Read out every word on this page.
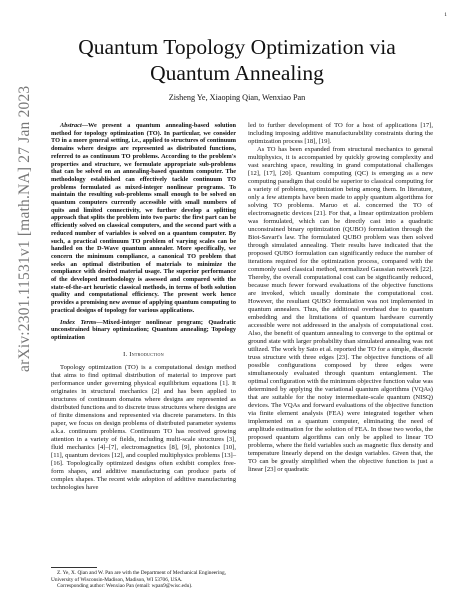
1
arXiv:2301.11531v1 [math.NA] 27 Jan 2023
Quantum Topology Optimization via Quantum Annealing

Zisheng Ye, Xiaoping Qian, Wenxiao Pan

Abstract—We present a quantum annealing-based solution method for topology optimization (TO). In particular, we consider TO in a more general setting, i.e., applied to structures of continuum domains where designs are represented as distributed functions, referred to as continuum TO problems. According to the problem's properties and structure, we formulate appropriate sub-problems that can be solved on an annealing-based quantum computer. The methodology established can effectively tackle continuum TO problems formulated as mixed-integer nonlinear programs. To maintain the resulting sub-problems small enough to be solved on quantum computers currently accessible with small numbers of quits and limited connectivity, we further develop a splitting approach that splits the problem into two parts: the first part can be efficiently solved on classical computers, and the second part with a reduced number of variables is solved on a quantum computer. By such, a practical continuum TO problem of varying scales can be handled on the D-Wave quantum annealer. More specifically, we concern the minimum compliance, a canonical TO problem that seeks an optimal distribution of materials to minimize the compliance with desired material usage. The superior performance of the developed methodology is assessed and compared with the state-of-the-art heuristic classical methods, in terms of both solution quality and computational efficiency. The present work hence provides a promising new avenue of applying quantum computing to practical designs of topology for various applications.

Index Terms—Mixed-integer nonlinear program; Quadratic unconstrained binary optimization; Quantum annealing; Topology optimization

I. Introduction

Topology optimization (TO) is a computational design method that aims to find optimal distribution of material to improve part performance under governing physical equilibrium equations [1]. It originates in structural mechanics [2] and has been applied to structures of continuum domains where designs are represented as distributed functions and to discrete truss structures where designs are of finite dimensions and represented via discrete parameters. In this paper, we focus on design problems of distributed parameter systems a.k.a. continuum problems. Continuum TO has received growing attention in a variety of fields, including multi-scale structures [3], fluid mechanics [4]–[7], electromagnetics [8], [9], photonics [10], [11], quantum devices [12], and coupled multiphysics problems [13]–[16]. Topologically optimized designs often exhibit complex free-form shapes, and additive manufacturing can produce parts of complex shapes. The recent wide adoption of additive manufacturing technologies have

led to further development of TO for a host of applications [17], including imposing additive manufacturability constraints during the optimization process [18], [19].

As TO has been expanded from structural mechanics to general multiphysics, it is accompanied by quickly growing complexity and vast searching space, resulting in grand computational challenges [12], [17], [20]. Quantum computing (QC) is emerging as a new computing paradigm that could be superior to classical computing for a variety of problems, optimization being among them. In literature, only a few attempts have been made to apply quantum algorithms for solving TO problems. Maruo et al. concerned the TO of electromagnetic devices [21]. For that, a linear optimization problem was formulated, which can be directly cast into a quadratic unconstrained binary optimization (QUBO) formulation through the Biot-Savart's law. The formulated QUBO problem was then solved through simulated annealing. Their results have indicated that the proposed QUBO formulation can significantly reduce the number of iterations required for the optimization process, compared with the commonly used classical method, normalized Gaussian network [22]. Thereby, the overall computational cost can be significantly reduced, because much fewer forward evaluations of the objective functions are invoked, which usually dominate the computational cost. However, the resultant QUBO formulation was not implemented in quantum annealers. Thus, the additional overhead due to quantum embedding and the limitations of quantum hardware currently accessible were not addressed in the analysis of computational cost. Also, the benefit of quantum annealing to converge to the optimal or ground state with larger probability than simulated annealing was not utilized. The work by Sato et al. reported the TO for a simple, discrete truss structure with three edges [23]. The objective functions of all possible configurations composed by three edges were simultaneously evaluated through quantum entanglement. The optimal configuration with the minimum objective function value was determined by applying the variational quantum algorithms (VQAs) that are suitable for the noisy intermediate-scale quantum (NISQ) devices. The VQAs and forward evaluations of the objective function via finite element analysis (FEA) were integrated together when implemented on a quantum computer, eliminating the need of amplitude estimation for the solution of FEA. In those two works, the proposed quantum algorithms can only be applied to linear TO problems, where the field variables such as magnetic flux density and temperature linearly depend on the design variables. Given that, the TO can be greatly simplified when the objective function is just a linear [23] or quadratic

Z. Ye, X. Qian and W. Pan are with the Department of Mechanical Engineering, University of Wisconsin-Madison, Madison, WI 53706, USA.

Corresponding author: Wenxiao Pan (email: wpan9@wisc.edu).
